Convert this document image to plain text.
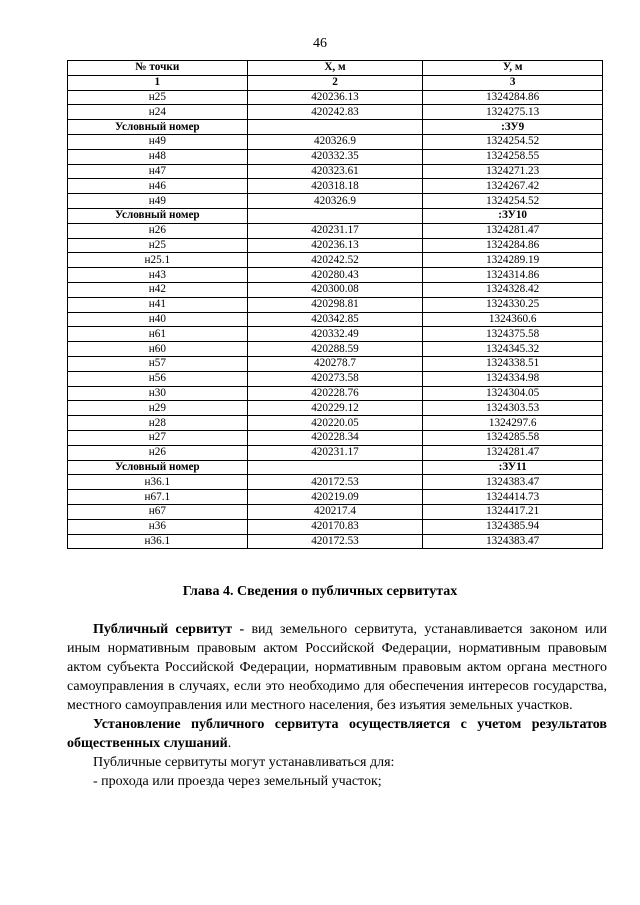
46
№ точки	X, м	У, м
1	2	3
н25	420236.13	1324284.86
н24	420242.83	1324275.13
Условный номер		:ЗУ9
н49	420326.9	1324254.52
н48	420332.35	1324258.55
н47	420323.61	1324271.23
н46	420318.18	1324267.42
н49	420326.9	1324254.52
Условный номер		:ЗУ10
н26	420231.17	1324281.47
н25	420236.13	1324284.86
н25.1	420242.52	1324289.19
н43	420280.43	1324314.86
н42	420300.08	1324328.42
н41	420298.81	1324330.25
н40	420342.85	1324360.6
н61	420332.49	1324375.58
н60	420288.59	1324345.32
н57	420278.7	1324338.51
н56	420273.58	1324334.98
н30	420228.76	1324304.05
н29	420229.12	1324303.53
н28	420220.05	1324297.6
н27	420228.34	1324285.58
н26	420231.17	1324281.47
Условный номер		:ЗУ11
н36.1	420172.53	1324383.47
н67.1	420219.09	1324414.73
н67	420217.4	1324417.21
н36	420170.83	1324385.94
н36.1	420172.53	1324383.47
Глава 4. Сведения о публичных сервитутах

Публичный сервитут - вид земельного сервитута, устанавливается законом или иным нормативным правовым актом Российской Федерации, нормативным правовым актом субъекта Российской Федерации, нормативным правовым актом органа местного самоуправления в случаях, если это необходимо для обеспечения интересов государства, местного самоуправления или местного населения, без изъятия земельных участков.

Установление публичного сервитута осуществляется с учетом результатов общественных слушаний.

Публичные сервитуты могут устанавливаться для:

- прохода или проезда через земельный участок;
